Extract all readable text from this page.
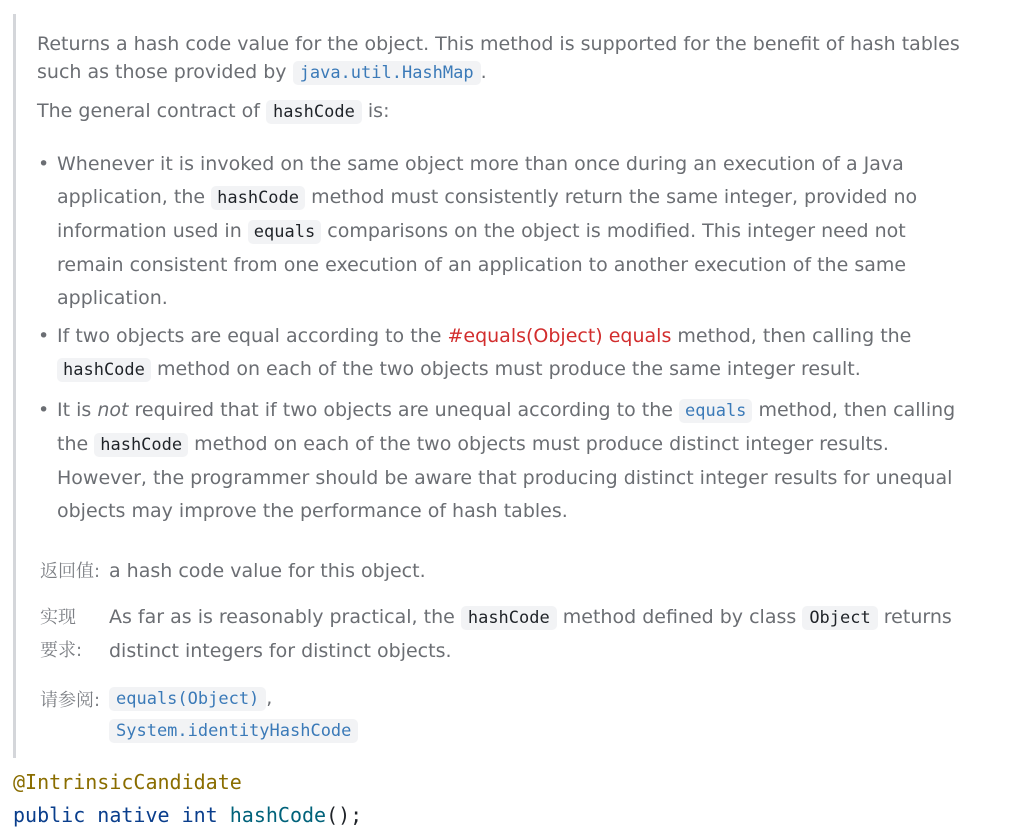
Returns a hash code value for the object. This method is supported for the benefit of hash tables
such as those provided by java.util.HashMap .
The general contract of hashCode is:
• Whenever it is invoked on the same object more than once during an execution of a Java application, the hashCode method must consistently return the same integer, provided no information used in equals comparisons on the object is modified. This integer need not remain consistent from one execution of an application to another execution of the same application.
• If two objects are equal according to the #equals(Object) equals method, then calling the hashCode method on each of the two objects must produce the same integer result.
• It is not required that if two objects are unequal according to the equals method, then calling the hashCode method on each of the two objects must produce distinct integer results. However, the programmer should be aware that producing distinct integer results for unequal objects may improve the performance of hash tables.
返回值: a hash code value for this object.
实现
要求:
As far as is reasonably practical, the hashCode method defined by class Object returns distinct integers for distinct objects.
请参阅: equals(Object) ,
System.identityHashCode
@IntrinsicCandidate
public native int hashCode();
